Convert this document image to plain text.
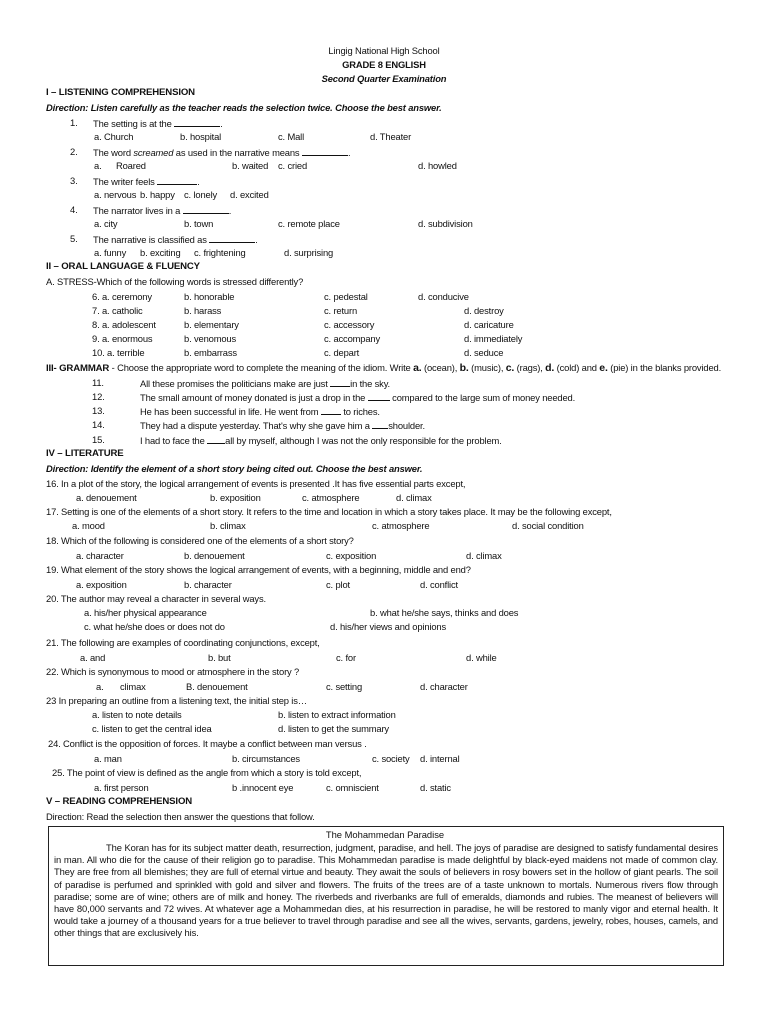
Lingig National High School
GRADE 8 ENGLISH
Second Quarter Examination
I – LISTENING COMPREHENSION
Direction: Listen carefully as the teacher reads the selection twice. Choose the best answer.
1. The setting is at the	.
a. Church	b. hospital	c. Mall	d. Theater
2. The word screamed as used in the narrative means	.
a. Roared	b. waited c. cried	d. howled
3. The writer feels	.
a. nervous b. happy c. lonely d. excited
4. The narrator lives in a	.
a. city	b. town	c. remote place	d. subdivision
5. The narrative is classified as	.
a. funny b. exciting c. frightening	d. surprising
II – ORAL LANGUAGE & FLUENCY
A. STRESS-Which of the following words is stressed differently?
6. a. ceremony	b. honorable	c. pedestal	d. conducive
7. a. catholic	b. harass	c. return	d. destroy
8. a. adolescent	b. elementary	c. accessory	d. caricature
9. a. enormous	b. venomous	c. accompany	d. immediately
10. a. terrible	b. embarrass	c. depart	d. seduce
III- GRAMMAR - Choose the appropriate word to complete the meaning of the idiom. Write a. (ocean), b. (music), c. (rags), d. (cold) and e. (pie) in the blanks provided.
11.	All these promises the politicians make are just in the sky.
12.	The small amount of money donated is just a drop in the	compared to the large sum of money needed.
13.	He has been successful in life. He went from	to riches.
14.	They had a dispute yesterday. That's why she gave him a shoulder.
15.	I had to face the all by myself, although I was not the only responsible for the problem.
IV – LITERATURE
Direction: Identify the element of a short story being cited out. Choose the best answer.
16. In a plot of the story, the logical arrangement of events is presented .It has five essential parts except,
a. denouement	b. exposition	c. atmosphere	d. climax
17. Setting is one of the elements of a short story. It refers to the time and location in which a story takes place. It may be the following except,
a. mood	b. climax	c. atmosphere	d. social condition
18. Which of the following is considered one of the elements of a short story?
a. character	b. denouement	c. exposition	d. climax
19. What element of the story shows the logical arrangement of events, with a beginning, middle and end?
a. exposition	b. character	c. plot	d. conflict
20. The author may reveal a character in several ways.
a. his/her physical appearance	b. what he/she says, thinks and does
c. what he/she does or does not do	d. his/her views and opinions
21. The following are examples of coordinating conjunctions, except,
a. and	b. but	c. for	d. while
22. Which is synonymous to mood or atmosphere in the story ?
a. climax	B. denouement	c. setting	d. character
23 In preparing an outline from a listening text, the initial step is…
a. listen to note details	b. listen to extract information
c. listen to get the central idea	d. listen to get the summary
24. Conflict is the opposition of forces. It maybe a conflict between man versus .
a. man	b. circumstances	c. society d. internal
25. The point of view is defined as the angle from which a story is told except,
a. first person	b .innocent eye	c. omniscient	d. static
V – READING COMPREHENSION
Direction: Read the selection then answer the questions that follow.
The Mohammedan Paradise

The Koran has for its subject matter death, resurrection, judgment, paradise, and hell. The joys of paradise are designed to satisfy fundamental desires in man. All who die for the cause of their religion go to paradise. This Mohammedan paradise is made delightful by black-eyed maidens not made of common clay. They are free from all blemishes; they are full of eternal virtue and beauty. They await the souls of believers in rosy bowers set in the hollow of giant pearls. The soil of paradise is perfumed and sprinkled with gold and silver and flowers. The fruits of the trees are of a taste unknown to mortals. Numerous rivers flow through paradise; some are of wine; others are of milk and honey. The riverbeds and riverbanks are full of emeralds, diamonds and rubies. The meanest of believers will have 80,000 servants and 72 wives. At whatever age a Mohammedan dies, at his resurrection in paradise, he will be restored to manly vigor and eternal health. It would take a journey of a thousand years for a true believer to travel through paradise and see all the wives, servants, gardens, jewelry, robes, houses, camels, and other things that are exclusively his.
